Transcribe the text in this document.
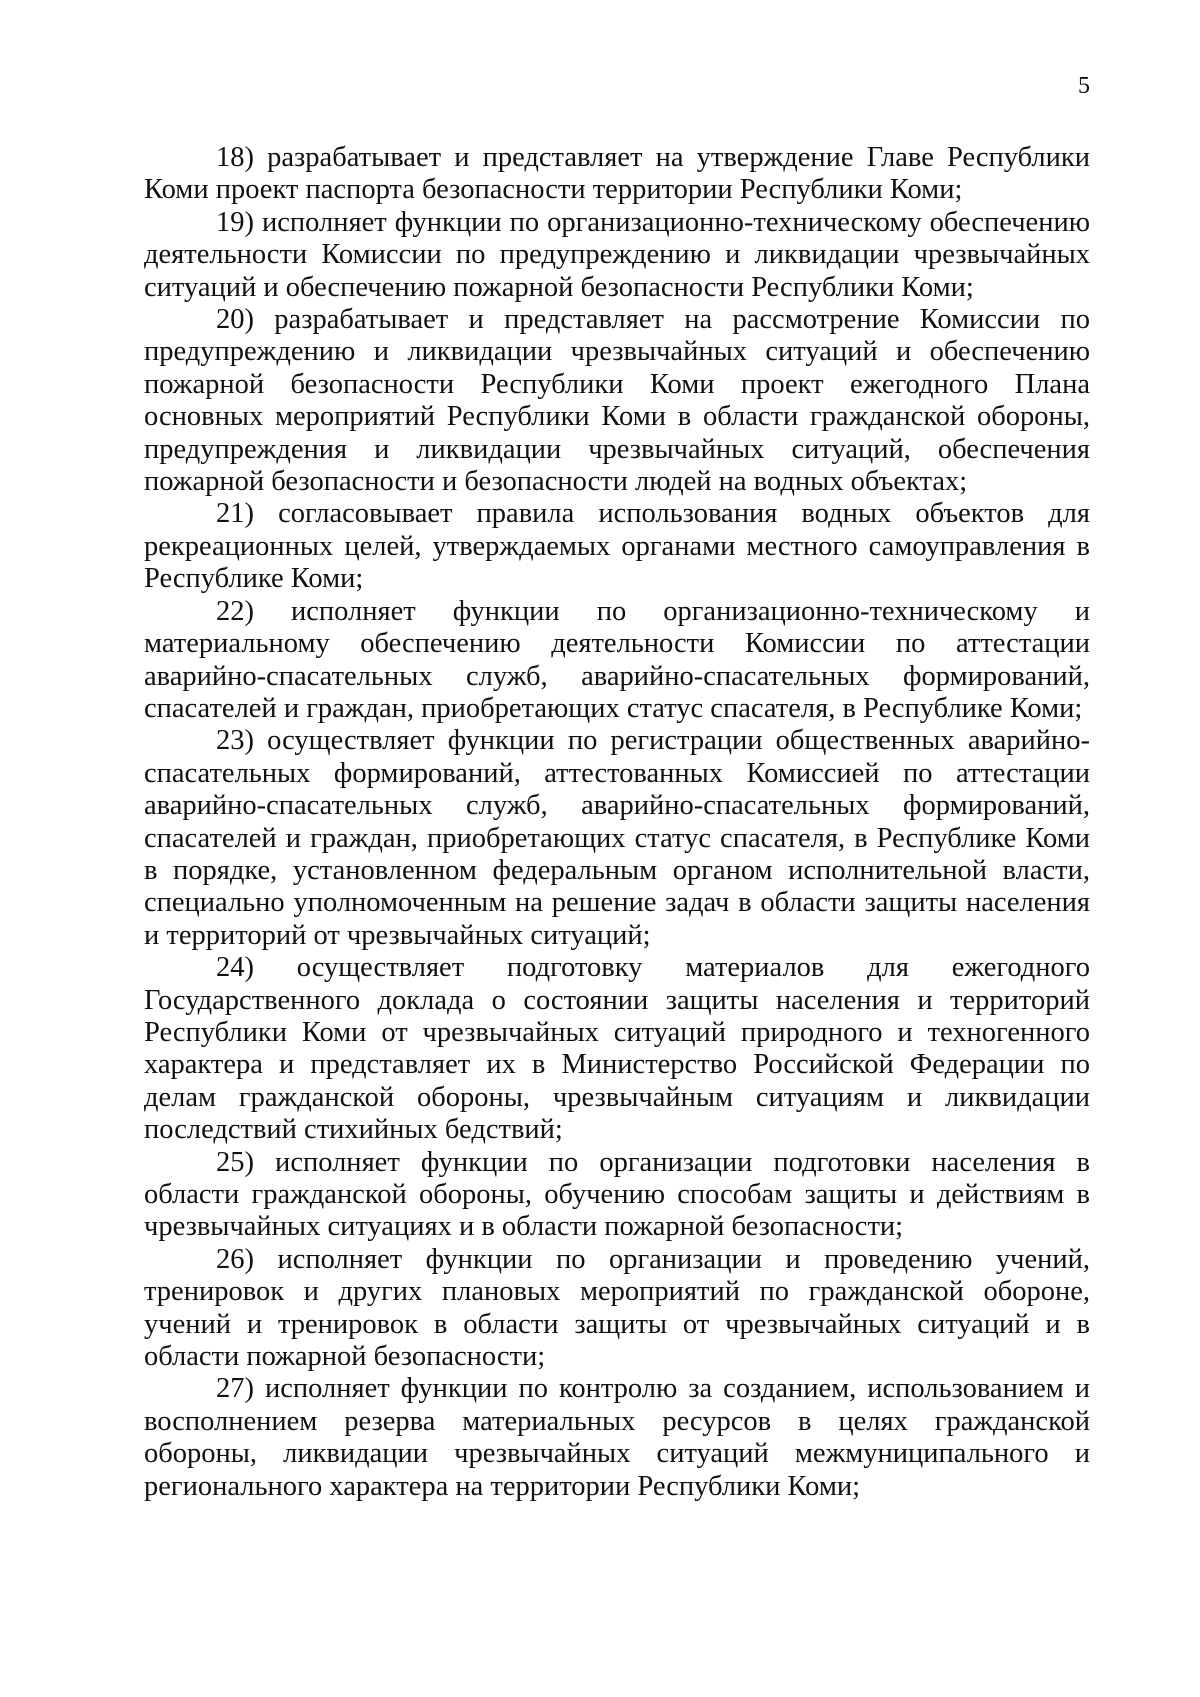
5

18) разрабатывает и представляет на утверждение Главе Республики Коми проект паспорта безопасности территории Республики Коми;

19) исполняет функции по организационно-техническому обеспечению деятельности Комиссии по предупреждению и ликвидации чрезвычайных ситуаций и обеспечению пожарной безопасности Республики Коми;

20) разрабатывает и представляет на рассмотрение Комиссии по предупреждению и ликвидации чрезвычайных ситуаций и обеспечению пожарной безопасности Республики Коми проект ежегодного Плана основных мероприятий Республики Коми в области гражданской обороны, предупреждения и ликвидации чрезвычайных ситуаций, обеспечения пожарной безопасности и безопасности людей на водных объектах;

21) согласовывает правила использования водных объектов для рекреационных целей, утверждаемых органами местного самоуправления в Республике Коми;

22) исполняет функции по организационно-техническому и материальному обеспечению деятельности Комиссии по аттестации аварийно-спасательных служб, аварийно-спасательных формирований, спасателей и граждан, приобретающих статус спасателя, в Республике Коми;

23) осуществляет функции по регистрации общественных аварийно-спасательных формирований, аттестованных Комиссией по аттестации аварийно-спасательных служб, аварийно-спасательных формирований, спасателей и граждан, приобретающих статус спасателя, в Республике Коми в порядке, установленном федеральным органом исполнительной власти, специально уполномоченным на решение задач в области защиты населения и территорий от чрезвычайных ситуаций;

24) осуществляет подготовку материалов для ежегодного Государственного доклада о состоянии защиты населения и территорий Республики Коми от чрезвычайных ситуаций природного и техногенного характера и представляет их в Министерство Российской Федерации по делам гражданской обороны, чрезвычайным ситуациям и ликвидации последствий стихийных бедствий;

25) исполняет функции по организации подготовки населения в области гражданской обороны, обучению способам защиты и действиям в чрезвычайных ситуациях и в области пожарной безопасности;

26) исполняет функции по организации и проведению учений, тренировок и других плановых мероприятий по гражданской обороне, учений и тренировок в области защиты от чрезвычайных ситуаций и в области пожарной безопасности;

27) исполняет функции по контролю за созданием, использованием и восполнением резерва материальных ресурсов в целях гражданской обороны, ликвидации чрезвычайных ситуаций межмуниципального и регионального характера на территории Республики Коми;
